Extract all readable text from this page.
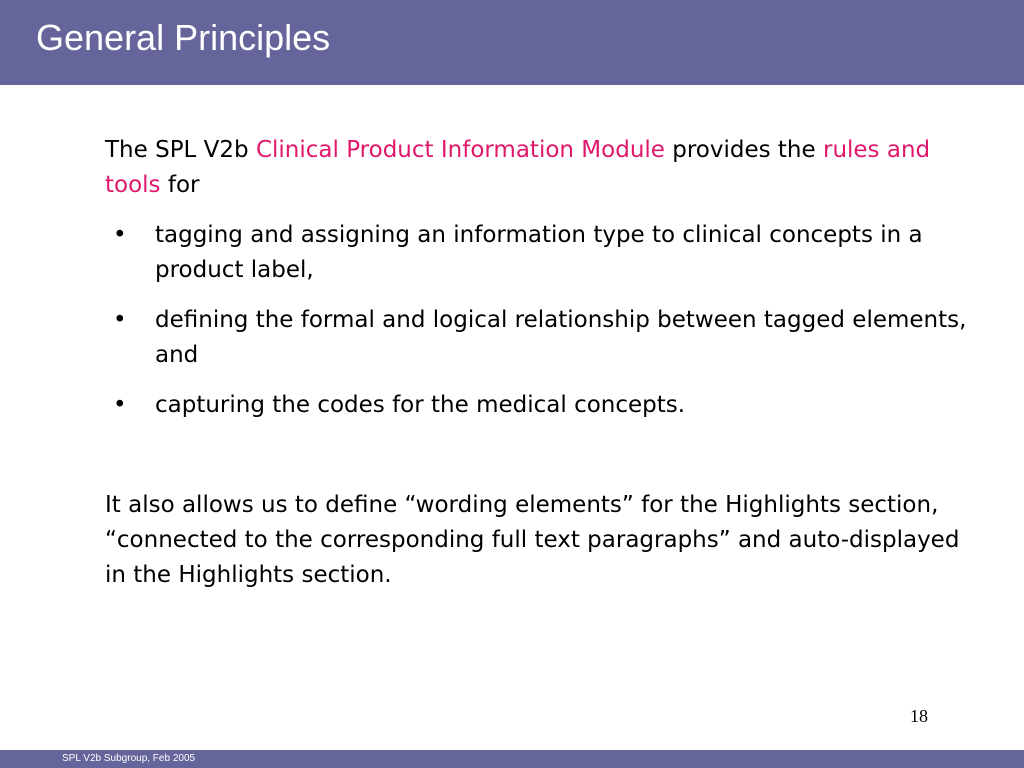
General Principles

The SPL V2b Clinical Product Information Module provides the rules and tools for

• tagging and assigning an information type to clinical concepts in a product label,
• defining the formal and logical relationship between tagged elements, and
• capturing the codes for the medical concepts.

It also allows us to define “wording elements” for the Highlights section, “connected to the corresponding full text paragraphs” and auto-displayed in the Highlights section.

18
SPL V2b Subgroup, Feb 2005
